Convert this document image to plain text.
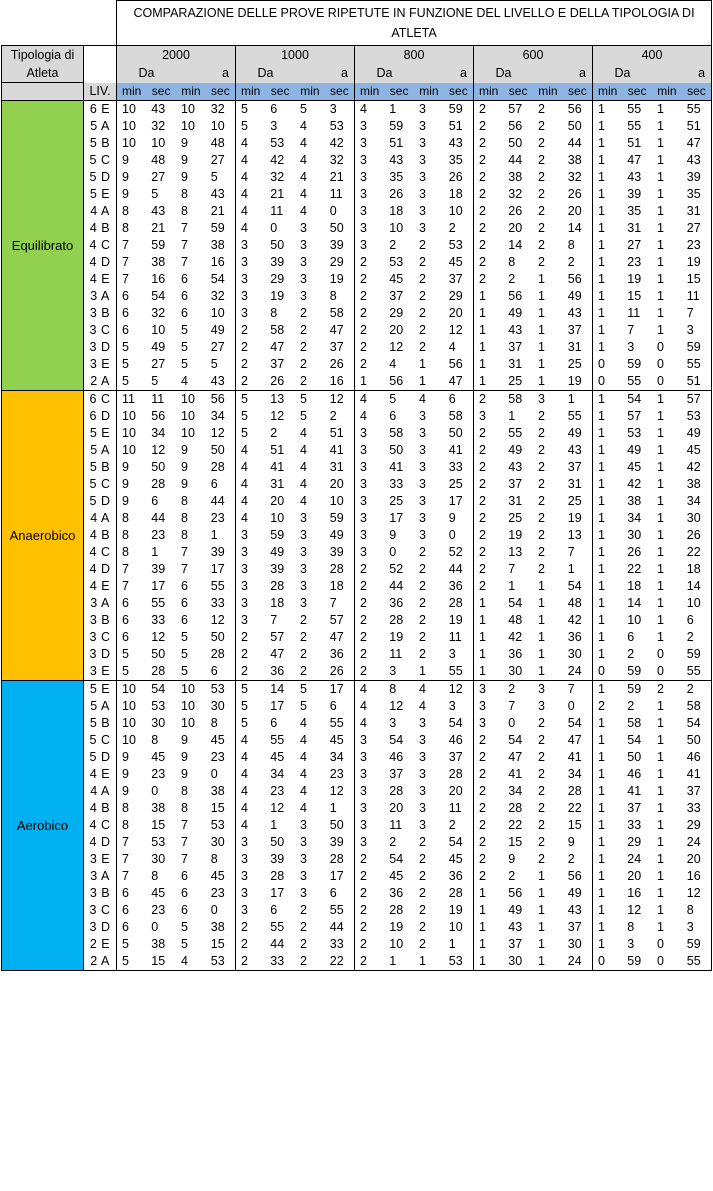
		COMPARAZIONE DELLE PROVE RIPETUTE IN FUNZIONE DEL LIVELLO E DELLA TIPOLOGIA DI ATLETA																			
Tipologia di Atleta		2000				1000				800				600				400			
		Da		a		Da		a		Da		a		Da		a		Da		a	
	LIV.	min	sec	min	sec	min	sec	min	sec	min	sec	min	sec	min	sec	min	sec	min	sec	min	sec
Equilibrato	6 E	10	43	10	32	5	6	5	3	4	1	3	59	2	57	2	56	1	55	1	55
	5 A	10	32	10	10	5	3	4	53	3	59	3	51	2	56	2	50	1	55	1	51
	5 B	10	10	9	48	4	53	4	42	3	51	3	43	2	50	2	44	1	51	1	47
	5 C	9	48	9	27	4	42	4	32	3	43	3	35	2	44	2	38	1	47	1	43
	5 D	9	27	9	5	4	32	4	21	3	35	3	26	2	38	2	32	1	43	1	39
	5 E	9	5	8	43	4	21	4	11	3	26	3	18	2	32	2	26	1	39	1	35
	4 A	8	43	8	21	4	11	4	0	3	18	3	10	2	26	2	20	1	35	1	31
	4 B	8	21	7	59	4	0	3	50	3	10	3	2	2	20	2	14	1	31	1	27
	4 C	7	59	7	38	3	50	3	39	3	2	2	53	2	14	2	8	1	27	1	23
	4 D	7	38	7	16	3	39	3	29	2	53	2	45	2	8	2	2	1	23	1	19
	4 E	7	16	6	54	3	29	3	19	2	45	2	37	2	2	1	56	1	19	1	15
	3 A	6	54	6	32	3	19	3	8	2	37	2	29	1	56	1	49	1	15	1	11
	3 B	6	32	6	10	3	8	2	58	2	29	2	20	1	49	1	43	1	11	1	7
	3 C	6	10	5	49	2	58	2	47	2	20	2	12	1	43	1	37	1	7	1	3
	3 D	5	49	5	27	2	47	2	37	2	12	2	4	1	37	1	31	1	3	0	59
	3 E	5	27	5	5	2	37	2	26	2	4	1	56	1	31	1	25	0	59	0	55
	2 A	5	5	4	43	2	26	2	16	1	56	1	47	1	25	1	19	0	55	0	51
Anaerobico	6 C	11	11	10	56	5	13	5	12	4	5	4	6	2	58	3	1	1	54	1	57
	6 D	10	56	10	34	5	12	5	2	4	6	3	58	3	1	2	55	1	57	1	53
	5 E	10	34	10	12	5	2	4	51	3	58	3	50	2	55	2	49	1	53	1	49
	5 A	10	12	9	50	4	51	4	41	3	50	3	41	2	49	2	43	1	49	1	45
	5 B	9	50	9	28	4	41	4	31	3	41	3	33	2	43	2	37	1	45	1	42
	5 C	9	28	9	6	4	31	4	20	3	33	3	25	2	37	2	31	1	42	1	38
	5 D	9	6	8	44	4	20	4	10	3	25	3	17	2	31	2	25	1	38	1	34
	4 A	8	44	8	23	4	10	3	59	3	17	3	9	2	25	2	19	1	34	1	30
	4 B	8	23	8	1	3	59	3	49	3	9	3	0	2	19	2	13	1	30	1	26
	4 C	8	1	7	39	3	49	3	39	3	0	2	52	2	13	2	7	1	26	1	22
	4 D	7	39	7	17	3	39	3	28	2	52	2	44	2	7	2	1	1	22	1	18
	4 E	7	17	6	55	3	28	3	18	2	44	2	36	2	1	1	54	1	18	1	14
	3 A	6	55	6	33	3	18	3	7	2	36	2	28	1	54	1	48	1	14	1	10
	3 B	6	33	6	12	3	7	2	57	2	28	2	19	1	48	1	42	1	10	1	6
	3 C	6	12	5	50	2	57	2	47	2	19	2	11	1	42	1	36	1	6	1	2
	3 D	5	50	5	28	2	47	2	36	2	11	2	3	1	36	1	30	1	2	0	59
	3 E	5	28	5	6	2	36	2	26	2	3	1	55	1	30	1	24	0	59	0	55
Aerobico	5 E	10	54	10	53	5	14	5	17	4	8	4	12	3	2	3	7	1	59	2	2
	5 A	10	53	10	30	5	17	5	6	4	12	4	3	3	7	3	0	2	2	1	58
	5 B	10	30	10	8	5	6	4	55	4	3	3	54	3	0	2	54	1	58	1	54
	5 C	10	8	9	45	4	55	4	45	3	54	3	46	2	54	2	47	1	54	1	50
	5 D	9	45	9	23	4	45	4	34	3	46	3	37	2	47	2	41	1	50	1	46
	4 E	9	23	9	0	4	34	4	23	3	37	3	28	2	41	2	34	1	46	1	41
	4 A	9	0	8	38	4	23	4	12	3	28	3	20	2	34	2	28	1	41	1	37
	4 B	8	38	8	15	4	12	4	1	3	20	3	11	2	28	2	22	1	37	1	33
	4 C	8	15	7	53	4	1	3	50	3	11	3	2	2	22	2	15	1	33	1	29
	4 D	7	53	7	30	3	50	3	39	3	2	2	54	2	15	2	9	1	29	1	24
	3 E	7	30	7	8	3	39	3	28	2	54	2	45	2	9	2	2	1	24	1	20
	3 A	7	8	6	45	3	28	3	17	2	45	2	36	2	2	1	56	1	20	1	16
	3 B	6	45	6	23	3	17	3	6	2	36	2	28	1	56	1	49	1	16	1	12
	3 C	6	23	6	0	3	6	2	55	2	28	2	19	1	49	1	43	1	12	1	8
	3 D	6	0	5	38	2	55	2	44	2	19	2	10	1	43	1	37	1	8	1	3
	2 E	5	38	5	15	2	44	2	33	2	10	2	1	1	37	1	30	1	3	0	59
	2 A	5	15	4	53	2	33	2	22	2	1	1	53	1	30	1	24	0	59	0	55
